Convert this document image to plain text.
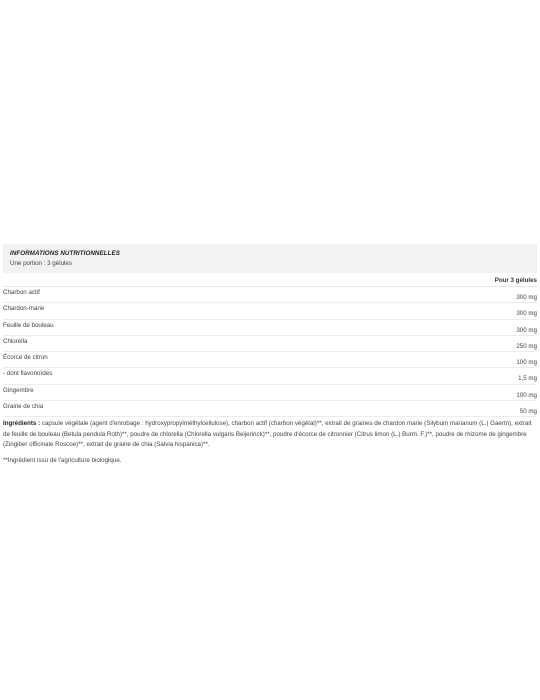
INFORMATIONS NUTRITIONNELLES
Une portion : 3 gélules
Pour 3 gélules
Charbon actif
300 mg
Chardon-marie
300 mg
Feuille de bouleau
300 mg
Chlorella
250 mg
Écorce de citron
100 mg
- dont flavonoïdes
1,5 mg
Gingembre
100 mg
Graine de chia
50 mg
Ingrédients : capsule végétale (agent d'enrobage : hydroxypropylméthylcellulose), charbon actif (charbon végétal)**, extrait de graines de chardon marie (Silybum marianum (L.) Gaertn), extrait de feuille de bouleau (Betula pendula Roth)**, poudre de chlorella (Chlorella vulgaris Beijerinck)**, poudre d'écorce de citronnier (Citrus limon (L.) Burm. F.)**, poudre de rhizome de gingembre (Zingiber officinale Roscoe)**, extrait de graine de chia (Salvia hispanica)**.
**Ingrédient issu de l'agriculture biologique.
